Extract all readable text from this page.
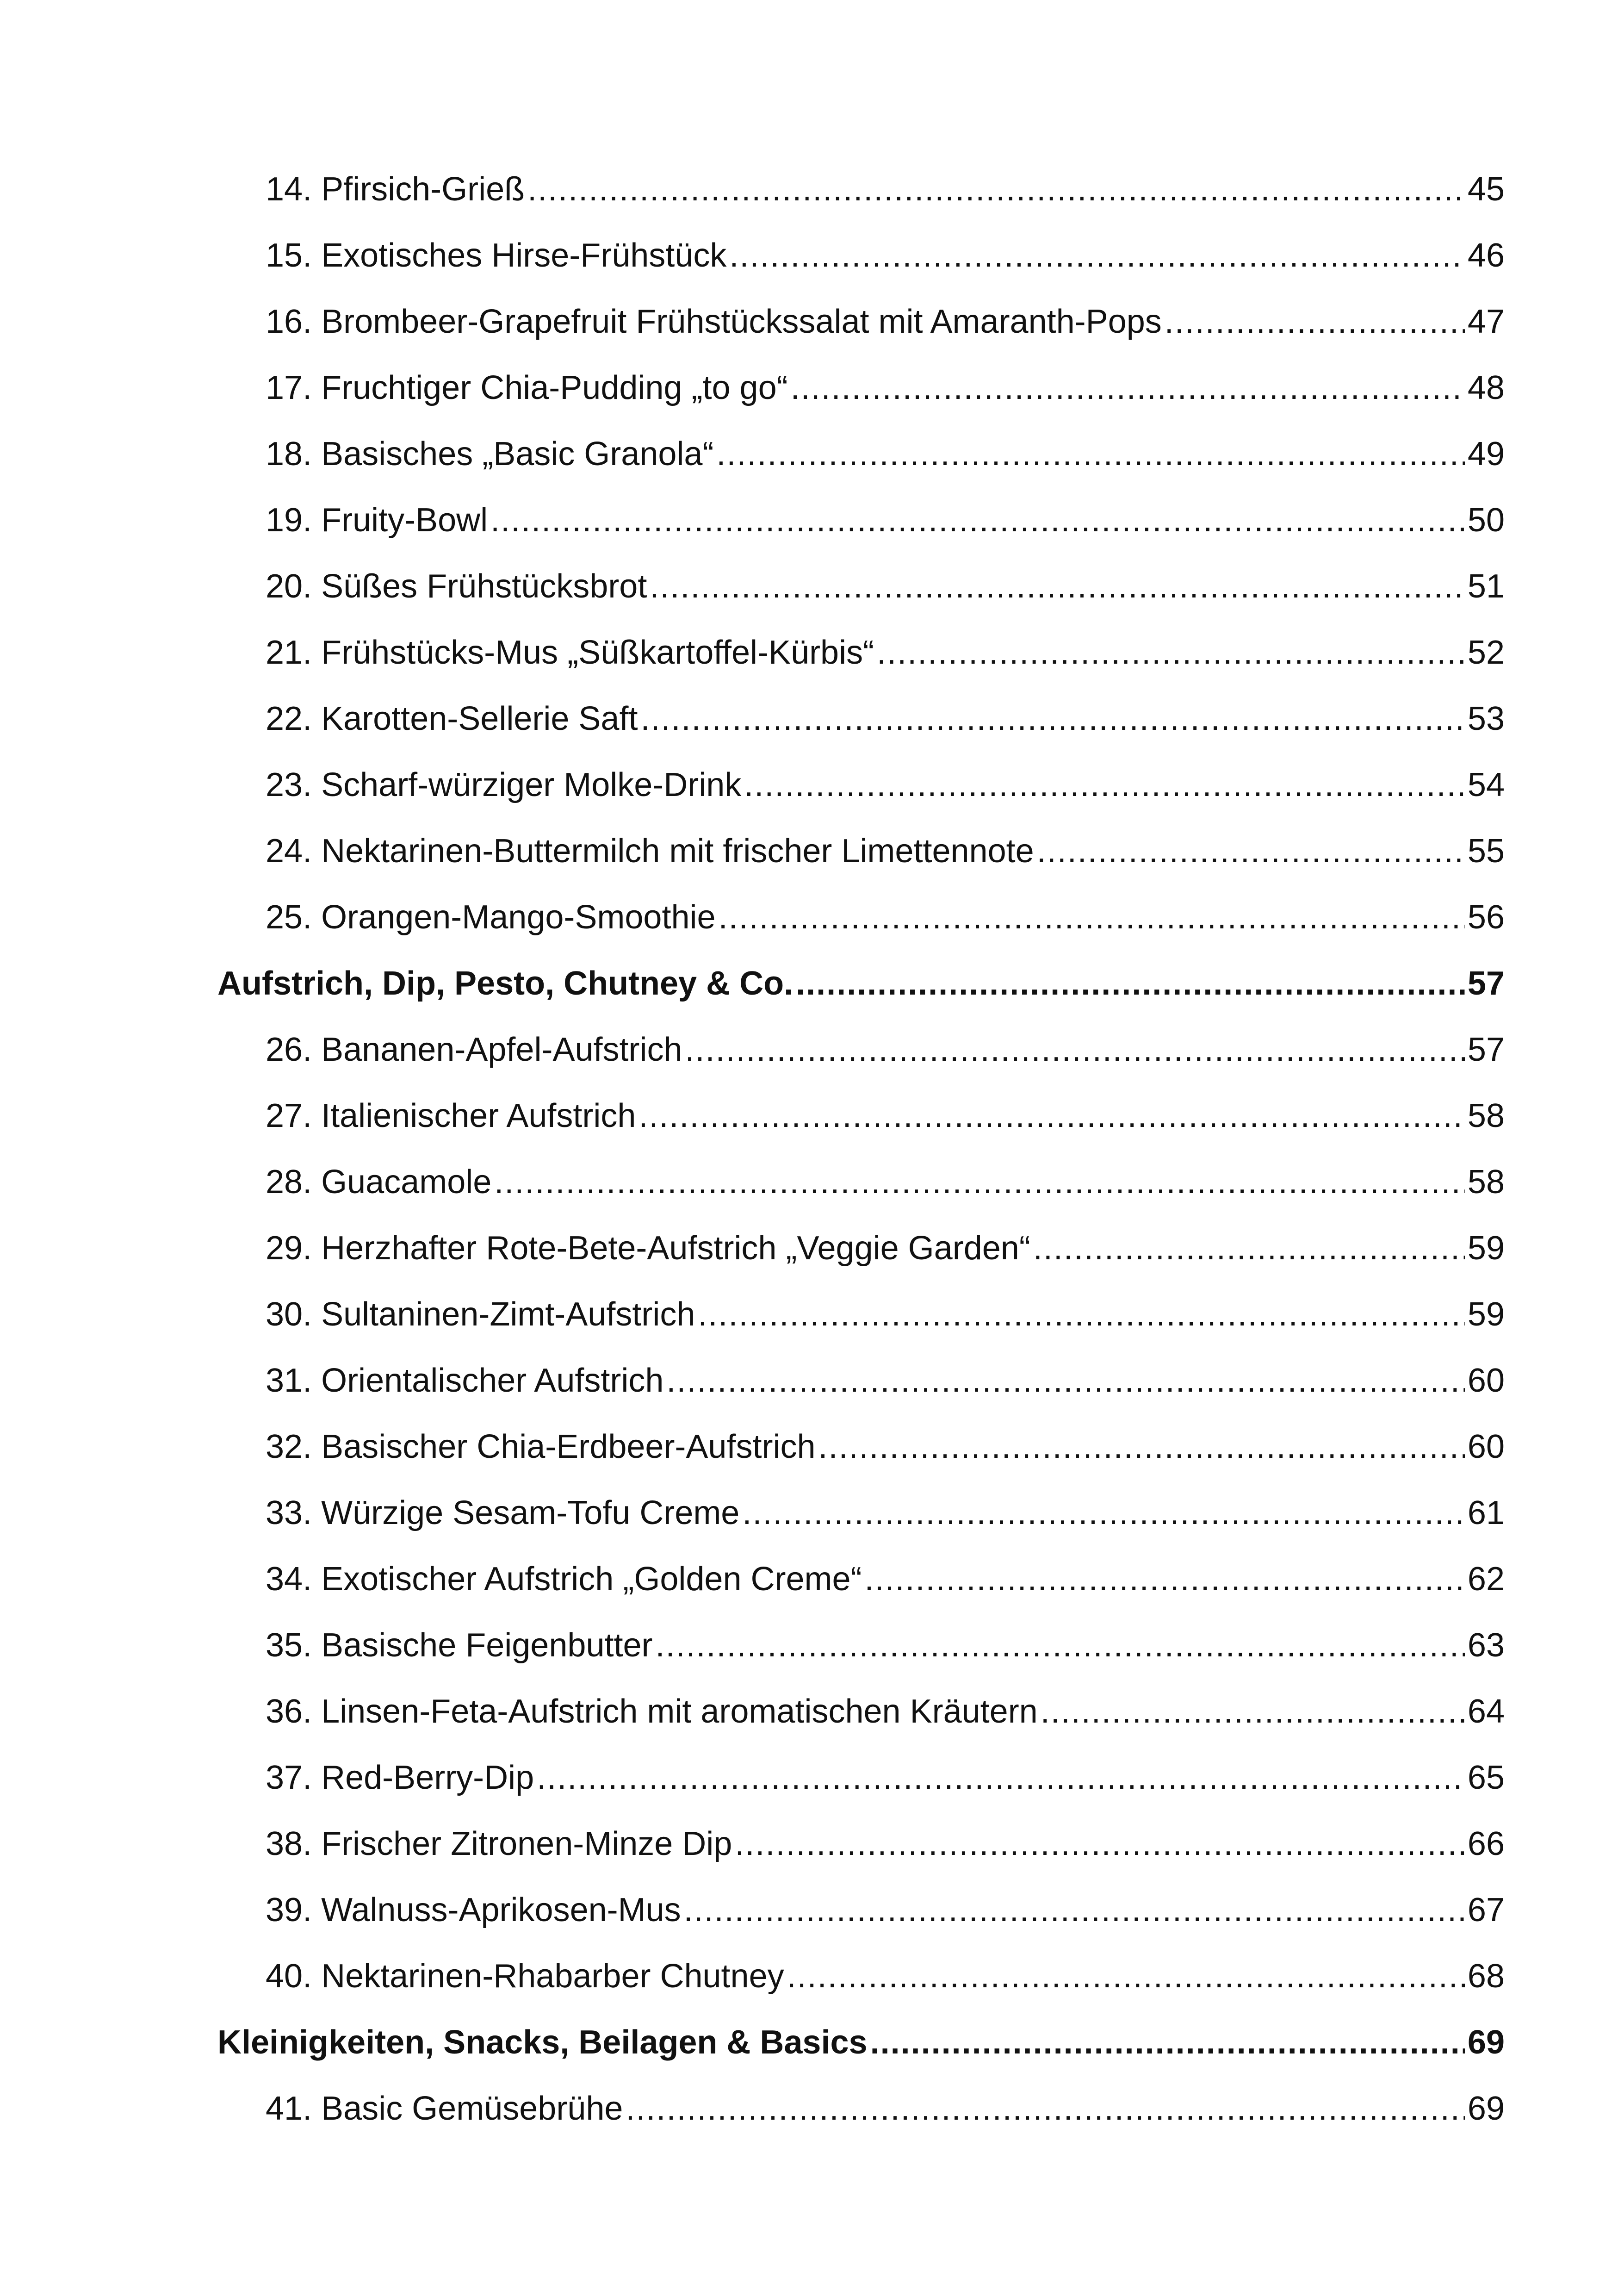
14. Pfirsich-Grieß .....	45
15. Exotisches Hirse-Frühstück .....	46
16. Brombeer-Grapefruit Frühstückssalat mit Amaranth-Pops .....	47
17. Fruchtiger Chia-Pudding „to go“ .....	48
18. Basisches „Basic Granola“ .....	49
19. Fruity-Bowl .....	50
20. Süßes Frühstücksbrot .....	51
21. Frühstücks-Mus „Süßkartoffel-Kürbis“ .....	52
22. Karotten-Sellerie Saft .....	53
23. Scharf-würziger Molke-Drink .....	54
24. Nektarinen-Buttermilch mit frischer Limettennote .....	55
25. Orangen-Mango-Smoothie .....	56
Aufstrich, Dip, Pesto, Chutney & Co. .....	57
26. Bananen-Apfel-Aufstrich .....	57
27. Italienischer Aufstrich .....	58
28. Guacamole .....	58
29. Herzhafter Rote-Bete-Aufstrich „Veggie Garden“ .....	59
30. Sultaninen-Zimt-Aufstrich .....	59
31. Orientalischer Aufstrich .....	60
32. Basischer Chia-Erdbeer-Aufstrich .....	60
33. Würzige Sesam-Tofu Creme .....	61
34. Exotischer Aufstrich „Golden Creme“ .....	62
35. Basische Feigenbutter .....	63
36. Linsen-Feta-Aufstrich mit aromatischen Kräutern .....	64
37. Red-Berry-Dip .....	65
38. Frischer Zitronen-Minze Dip .....	66
39. Walnuss-Aprikosen-Mus .....	67
40. Nektarinen-Rhabarber Chutney .....	68
Kleinigkeiten, Snacks, Beilagen & Basics .....	69
41. Basic Gemüsebrühe .....	69
